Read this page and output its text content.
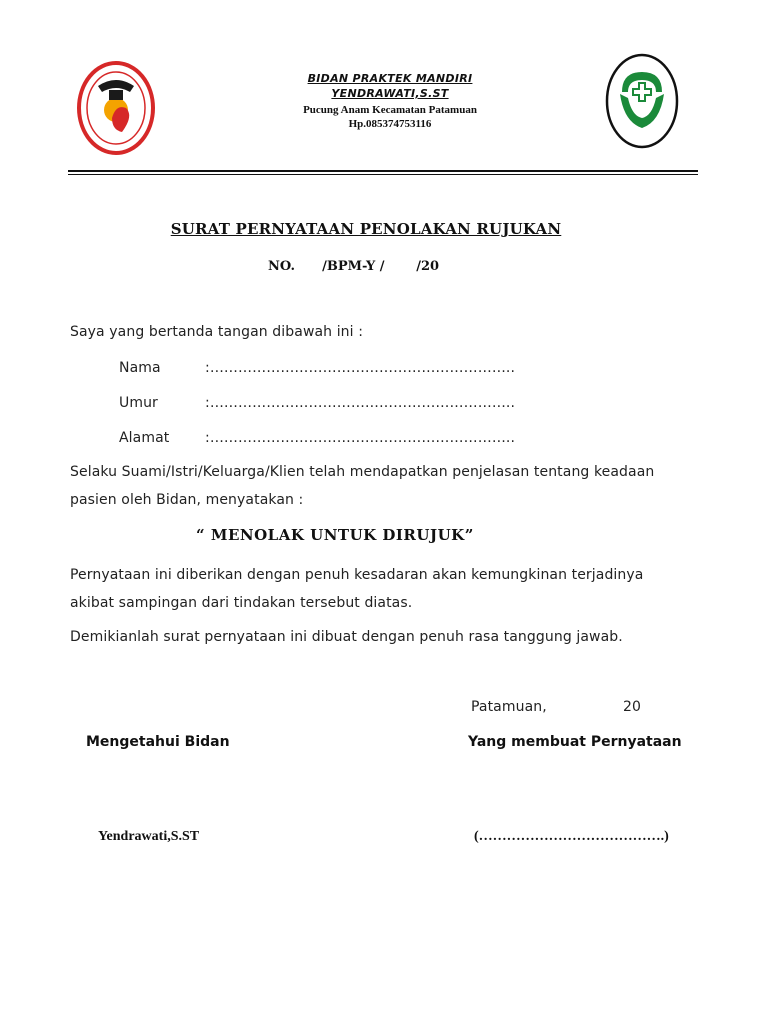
BIDAN PRAKTEK MANDIRI
YENDRAWATI,S.ST
Pucung Anam Kecamatan Patamuan
Hp.085374753116
SURAT PERNYATAAN PENOLAKAN RUJUKAN
NO.      /BPM-Y /       /20
Saya yang bertanda tangan dibawah ini :
Nama	:………………………………………………………..
Umur	:………………………………………………………..
Alamat	:………………………………………………………..
Selaku Suami/Istri/Keluarga/Klien telah mendapatkan penjelasan tentang keadaan
pasien oleh Bidan, menyatakan :
“ MENOLAK UNTUK DIRUJUK”
Pernyataan ini diberikan dengan penuh kesadaran akan kemungkinan terjadinya
akibat sampingan dari tindakan tersebut diatas.
Demikianlah surat pernyataan ini dibuat dengan penuh rasa tanggung jawab.
Patamuan,	20
Mengetahui Bidan	Yang membuat Pernyataan
Yendrawati,S.ST	(………………………………….)
